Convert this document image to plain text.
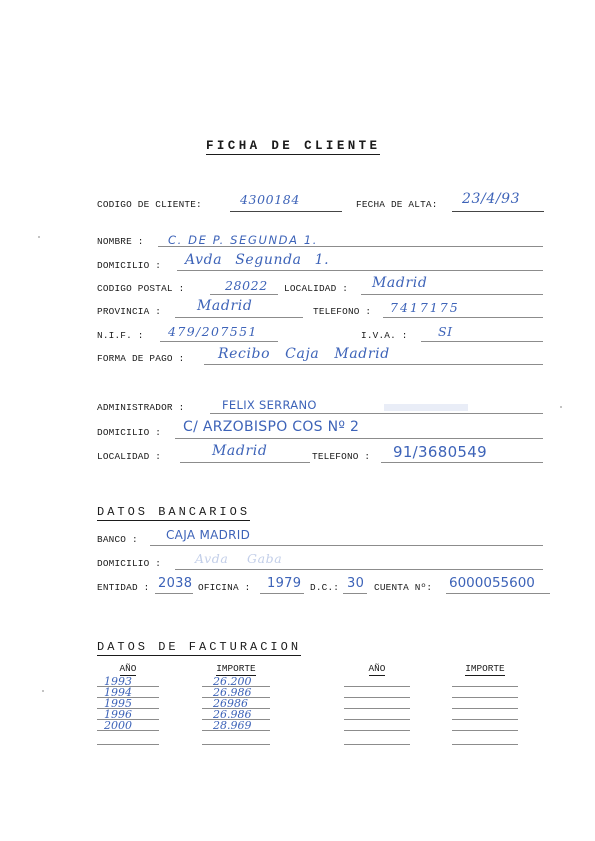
FICHA DE CLIENTE
CODIGO DE CLIENTE:	4300184	FECHA DE ALTA: 23/4/93
NOMBRE : C. DE P. SEGUNDA 1.
DOMICILIO : Avda Segunda 1.
CODIGO POSTAL :	28022 LOCALIDAD : Madrid
PROVINCIA :	Madrid	TELEFONO : 7417175
N.I.F. : 479/207551	I.V.A. : SI
FORMA DE PAGO : Recibo Caja Madrid
ADMINISTRADOR :	FELIX SERRANO
DOMICILIO : C/ ARZOBISPO COS Nº 2
LOCALIDAD :	Madrid	TELEFONO : 91/3680549
DATOS BANCARIOS
BANCO : CAJA MADRID
DOMICILIO :	Avda Gaba
ENTIDAD : 2038 OFICINA : 1979 D.C.: 30 CUENTA Nº: 6000055600
DATOS DE FACTURACION
AÑO	IMPORTE	AÑO	IMPORTE
1993	26.200
1994	26.986
1995	26986
1996	26.986
2000	28.969
